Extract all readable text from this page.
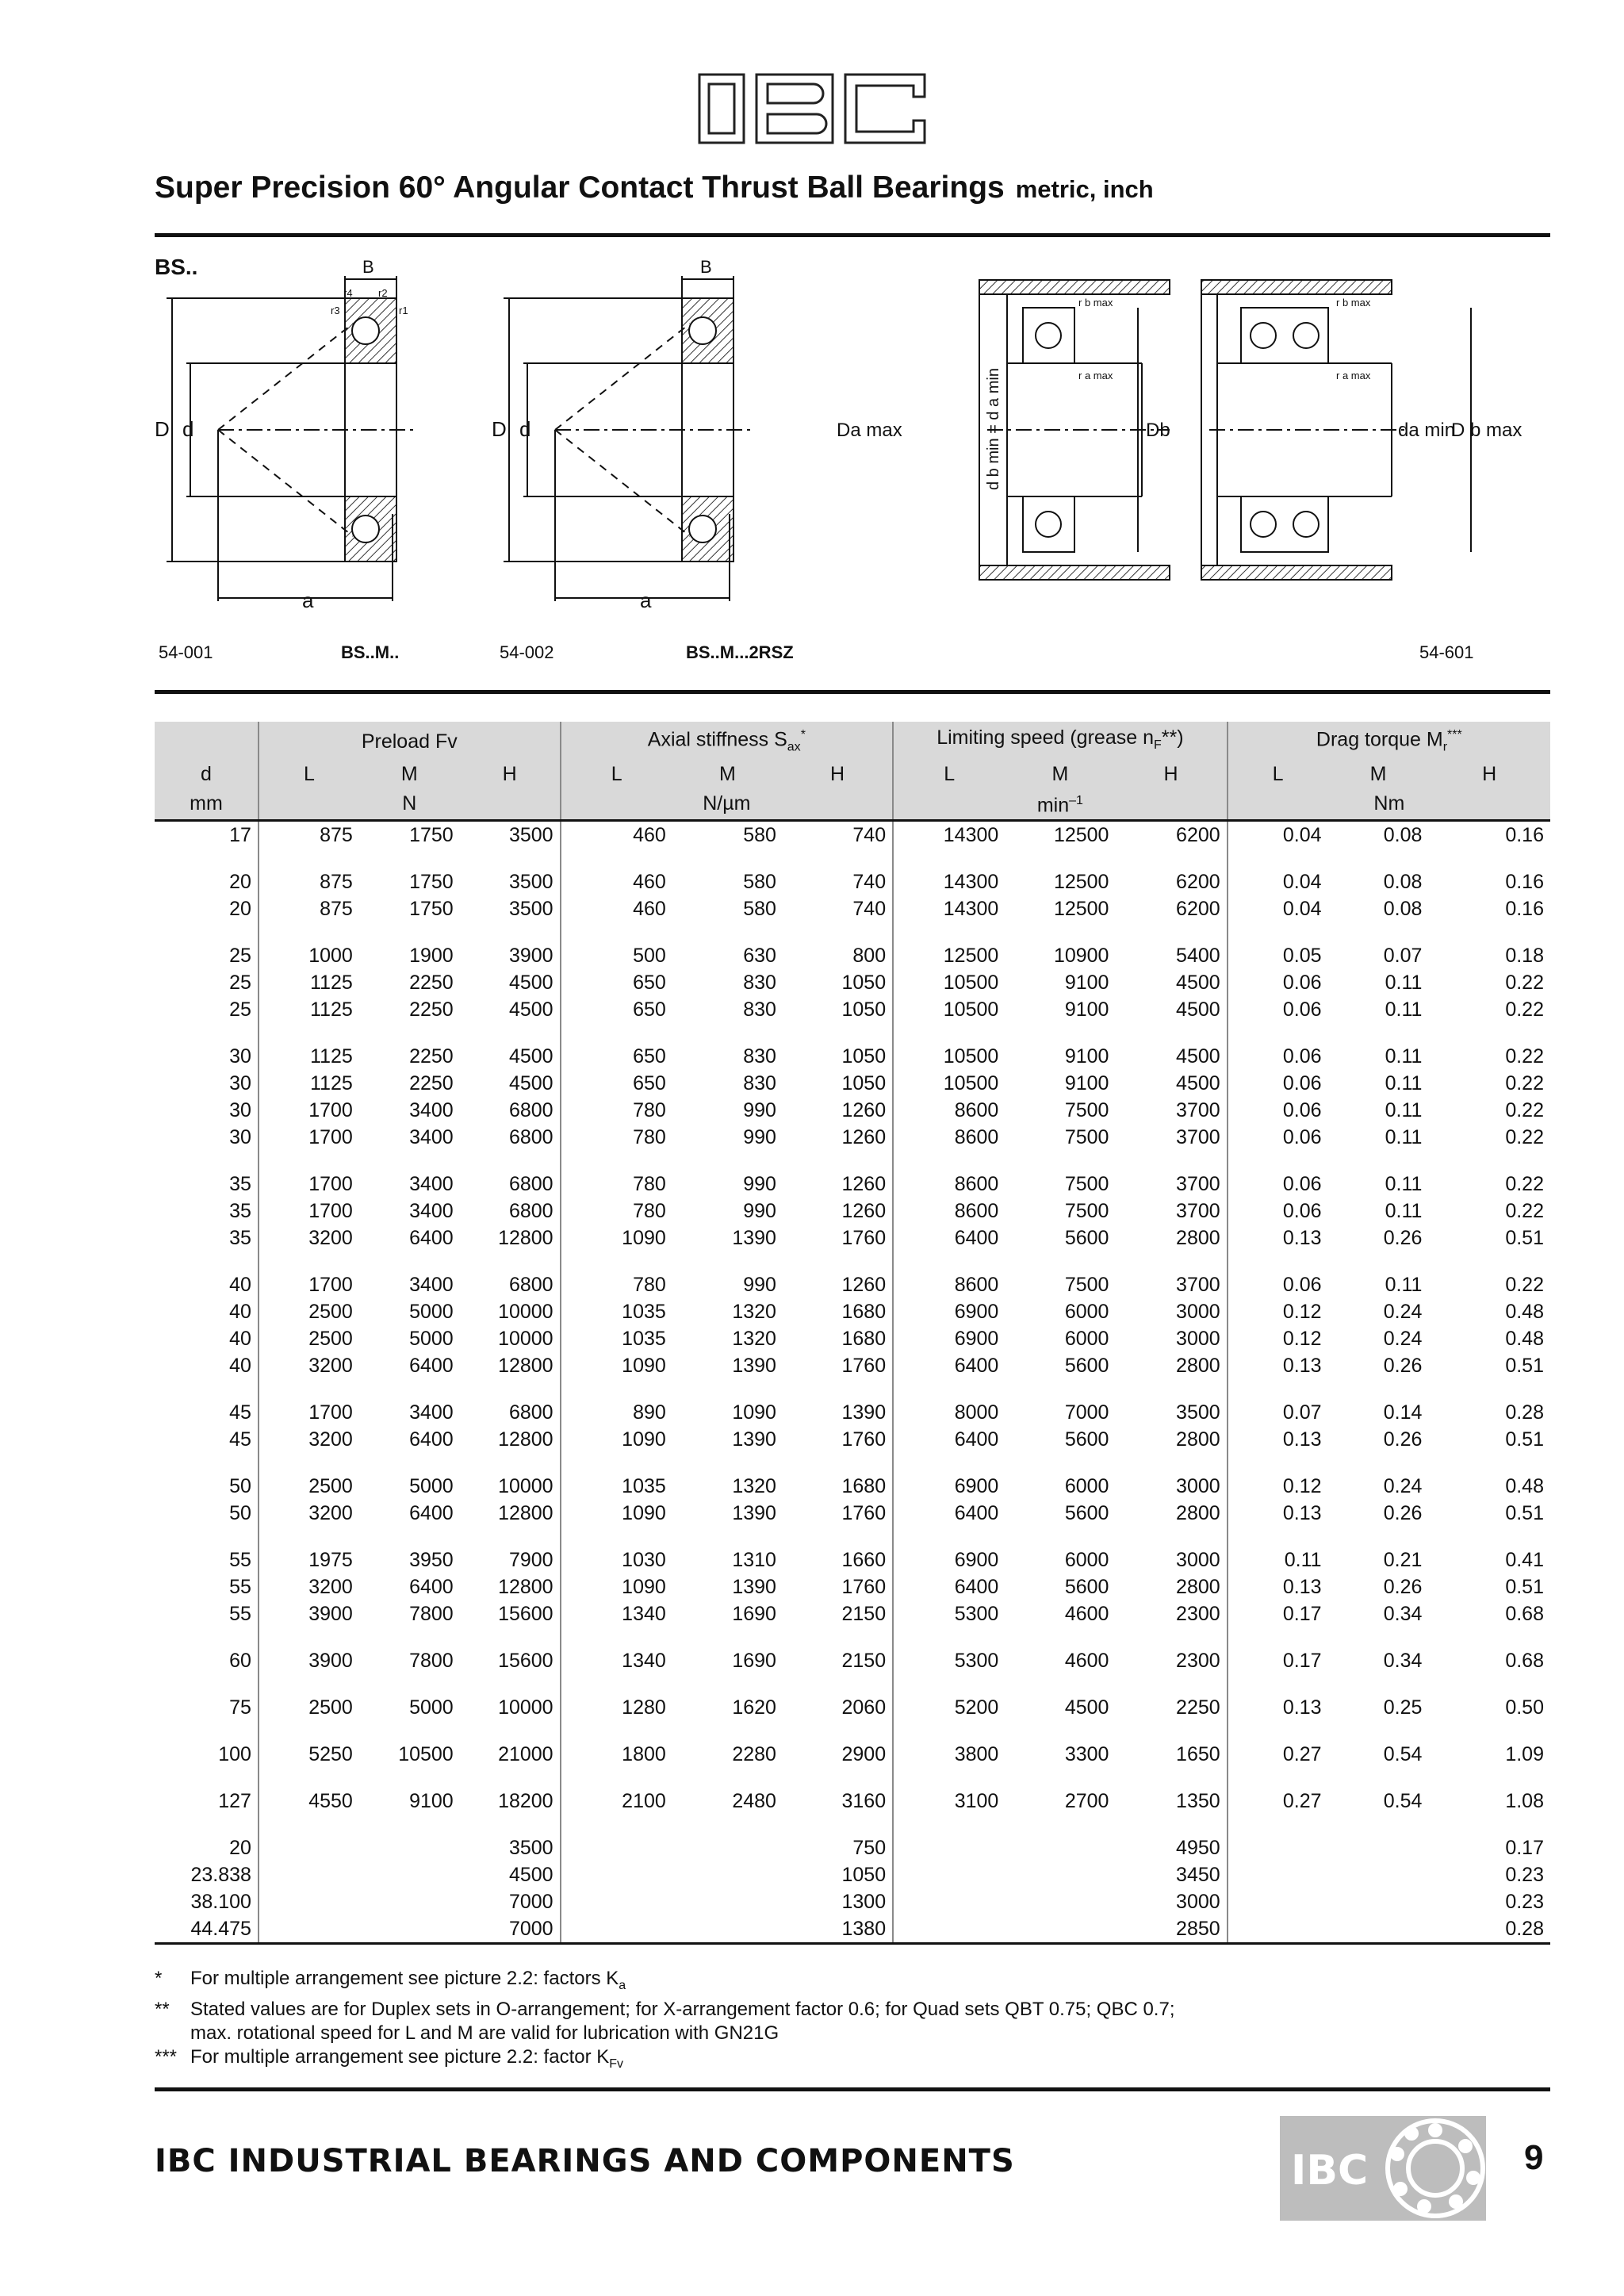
IBC
Super Precision 60° Angular Contact Thrust Ball Bearings metric, inch
BS..	B
r4 r2
r3	r1
D d
a
B
D d
a
Da max	d b min = d a min	Db
r a max
r b max	r b max
r a max
da min
D b max
54-001	BS..M..	54-002	BS..M...2RSZ	54-601
	Preload Fv			Axial stiffness $S_{ax}^*$			Limiting speed (grease $n_F**$)			Drag torque $M_r^{***}$
d	L	M	H	L	M	H	L	M	H	L	M	H
mm	N			N/µm			$\min^{-1}$			Nm		
17	875	1750	3500	460	580	740	14300	12500	6200	0.04	0.08	0.16
20	875	1750	3500	460	580	740	14300	12500	6200	0.04	0.08	0.16
20	875	1750	3500	460	580	740	14300	12500	6200	0.04	0.08	0.16
25	1000	1900	3900	500	630	800	12500	10900	5400	0.05	0.07	0.18
25	1125	2250	4500	650	830	1050	10500	9100	4500	0.06	0.11	0.22
25	1125	2250	4500	650	830	1050	10500	9100	4500	0.06	0.11	0.22
30	1125	2250	4500	650	830	1050	10500	9100	4500	0.06	0.11	0.22
30	1125	2250	4500	650	830	1050	10500	9100	4500	0.06	0.11	0.22
30	1700	3400	6800	780	990	1260	8600	7500	3700	0.06	0.11	0.22
30	1700	3400	6800	780	990	1260	8600	7500	3700	0.06	0.11	0.22
35	1700	3400	6800	780	990	1260	8600	7500	3700	0.06	0.11	0.22
35	1700	3400	6800	780	990	1260	8600	7500	3700	0.06	0.11	0.22
35	3200	6400	12800	1090	1390	1760	6400	5600	2800	0.13	0.26	0.51
40	1700	3400	6800	780	990	1260	8600	7500	3700	0.06	0.11	0.22
40	2500	5000	10000	1035	1320	1680	6900	6000	3000	0.12	0.24	0.48
40	2500	5000	10000	1035	1320	1680	6900	6000	3000	0.12	0.24	0.48
40	3200	6400	12800	1090	1390	1760	6400	5600	2800	0.13	0.26	0.51
45	1700	3400	6800	890	1090	1390	8000	7000	3500	0.07	0.14	0.28
45	3200	6400	12800	1090	1390	1760	6400	5600	2800	0.13	0.26	0.51
50	2500	5000	10000	1035	1320	1680	6900	6000	3000	0.12	0.24	0.48
50	3200	6400	12800	1090	1390	1760	6400	5600	2800	0.13	0.26	0.51
55	1975	3950	7900	1030	1310	1660	6900	6000	3000	0.11	0.21	0.41
55	3200	6400	12800	1090	1390	1760	6400	5600	2800	0.13	0.26	0.51
55	3900	7800	15600	1340	1690	2150	5300	4600	2300	0.17	0.34	0.68
60	3900	7800	15600	1340	1690	2150	5300	4600	2300	0.17	0.34	0.68
75	2500	5000	10000	1280	1620	2060	5200	4500	2250	0.13	0.25	0.50
100	5250	10500	21000	1800	2280	2900	3800	3300	1650	0.27	0.54	1.09
127	4550	9100	18200	2100	2480	3160	3100	2700	1350	0.27	0.54	1.08
20			3500			750			4950			0.17
23.838			4500			1050			3450			0.23
38.100			7000			1300			3000			0.23
44.475			7000			1380			2850			0.28
*	For multiple arrangement see picture 2.2: factors $K_a$
**	Stated values are for Duplex sets in O-arrangement; for X-arrangement factor 0.6; for Quad sets QBT 0.75; QBC 0.7;
max. rotational speed for L and M are valid for lubrication with GN21G
*** For multiple arrangement see picture 2.2: factor $K_{Fv}$
IBC INDUSTRIAL BEARINGS AND COMPONENTS	IBC	9
